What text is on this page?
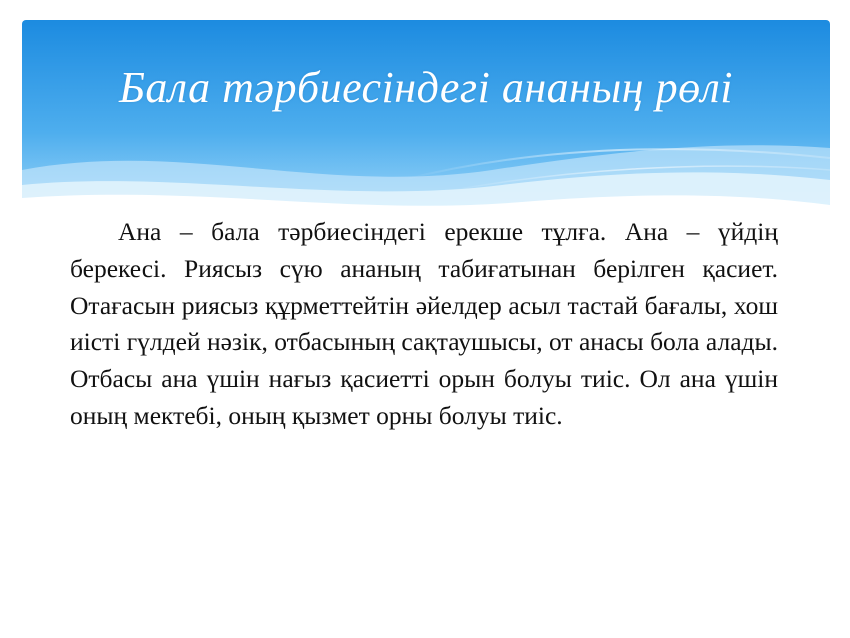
Бала тәрбиесіндегі ананың рөлі

Ана – бала тәрбиесіндегі ерекше тұлға. Ана – үйдің берекесі. Риясыз сүю ананың табиғатынан берілген қасиет. Отағасын риясыз құрметтейтін әйелдер асыл тастай бағалы, хош иісті гүлдей нәзік, отбасының сақтаушысы, от анасы бола алады. Отбасы ана үшін нағыз қасиетті орын болуы тиіс. Ол ана үшін оның мектебі, оның қызмет орны болуы тиіс.
